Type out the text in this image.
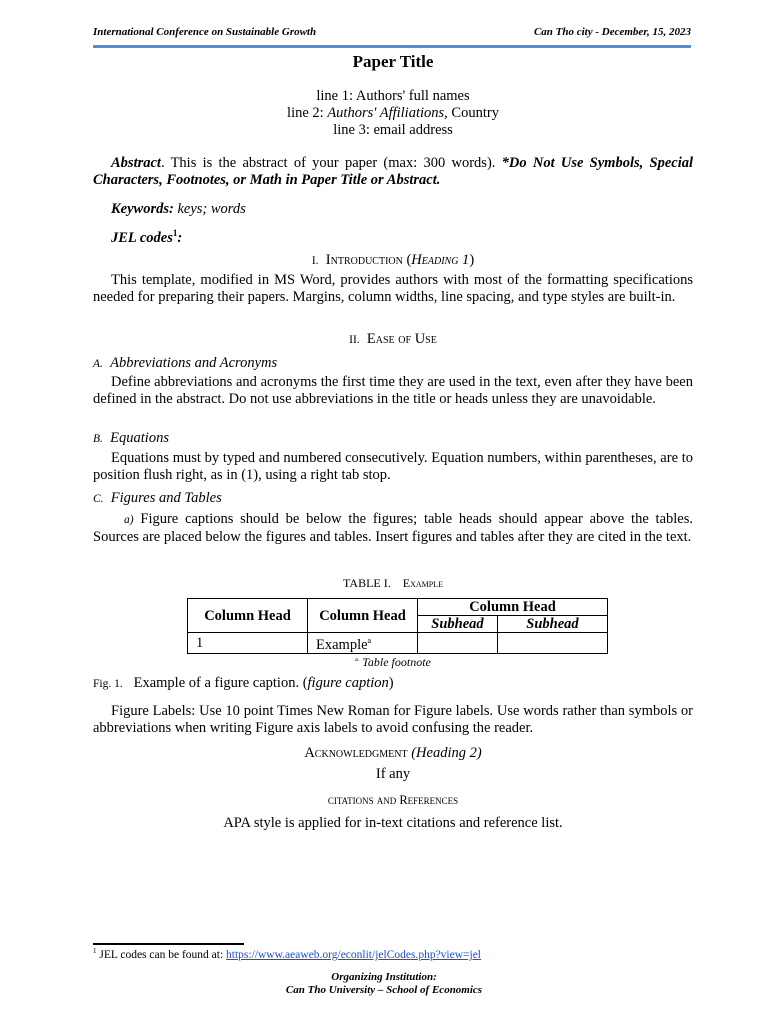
International Conference on Sustainable Growth	Can Tho city - December, 15, 2023
Paper Title
line 1: Authors' full names
line 2: Authors' Affiliations, Country
line 3: email address
Abstract. This is the abstract of your paper (max: 300 words). *Do Not Use Symbols, Special Characters, Footnotes, or Math in Paper Title or Abstract.
Keywords: keys; words
JEL codes$^1$:
I. Introduction (Heading 1)
This template, modified in MS Word, provides authors with most of the formatting specifications needed for preparing their papers. Margins, column widths, line spacing, and type styles are built-in.
II. Ease of Use
A. Abbreviations and Acronyms
Define abbreviations and acronyms the first time they are used in the text, even after they have been defined in the abstract. Do not use abbreviations in the title or heads unless they are unavoidable.
B. Equations
Equations must by typed and numbered consecutively. Equation numbers, within parentheses, are to position flush right, as in (1), using a right tab stop.
C. Figures and Tables
a) Figure captions should be below the figures; table heads should appear above the tables. Sources are placed below the figures and tables. Insert figures and tables after they are cited in the text.
TABLE I. Example
Column Head	Column Head	Column Head	
		Subhead	Subhead
1	Example$^a$		
$^{a.}$ Table footnote
Fig. 1. Example of a figure caption. (figure caption)
Figure Labels: Use 10 point Times New Roman for Figure labels. Use words rather than symbols or abbreviations when writing Figure axis labels to avoid confusing the reader.
Acknowledgment (Heading 2)
If any
citations and References
APA style is applied for in-text citations and reference list.
$^1$ JEL codes can be found at: https://www.aeaweb.org/econlit/jelCodes.php?view=jel
Organizing Institution:
Can Tho University – School of Economics
